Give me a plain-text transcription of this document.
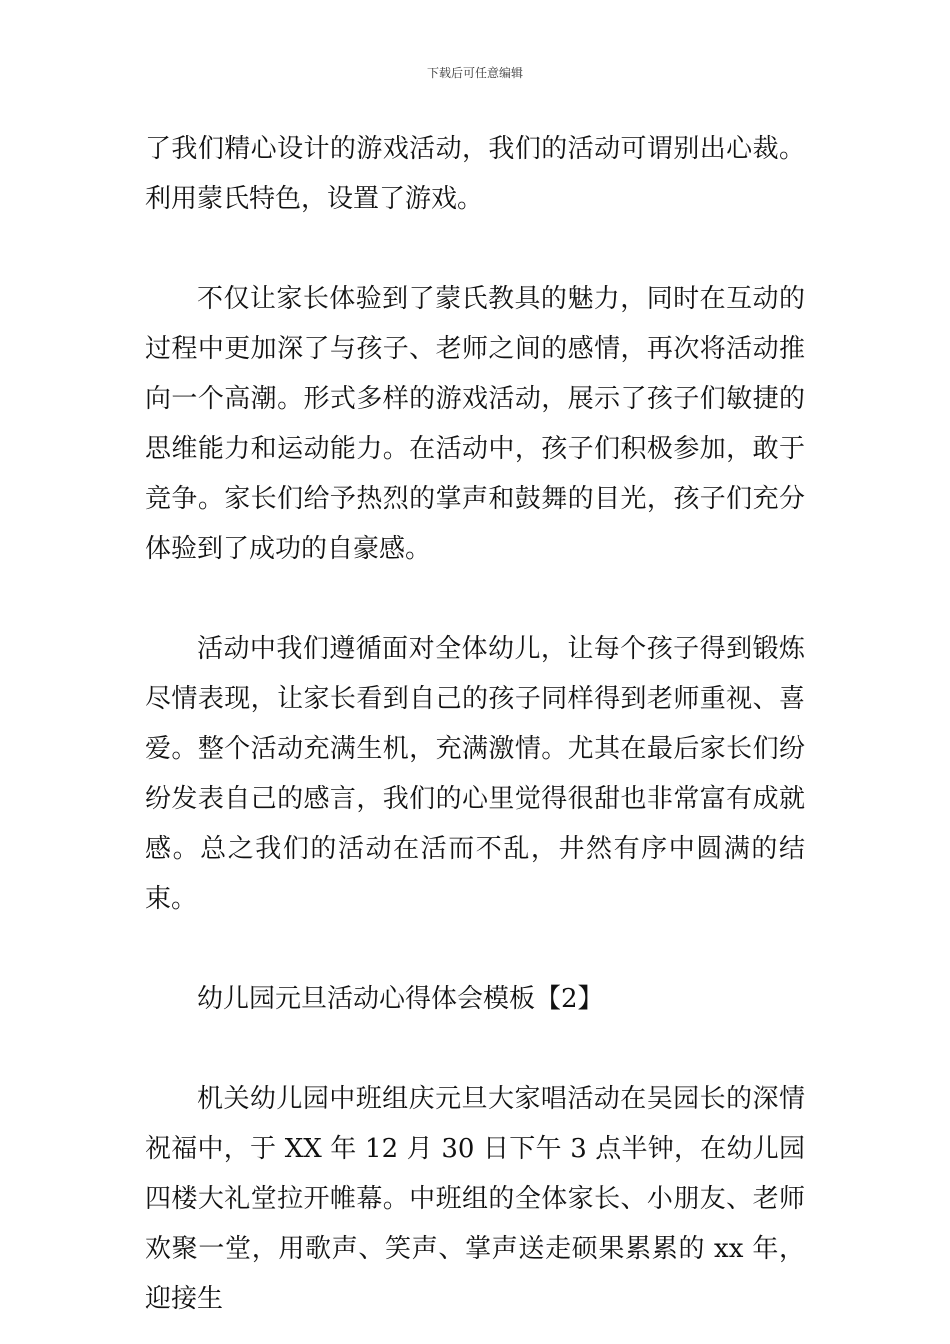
下载后可任意编辑

了我们精心设计的游戏活动，我们的活动可谓别出心裁。利用蒙氏特色，设置了游戏。

不仅让家长体验到了蒙氏教具的魅力，同时在互动的过程中更加深了与孩子、老师之间的感情，再次将活动推向一个高潮。形式多样的游戏活动，展示了孩子们敏捷的思维能力和运动能力。在活动中，孩子们积极参加，敢于竞争。家长们给予热烈的掌声和鼓舞的目光，孩子们充分体验到了成功的自豪感。

活动中我们遵循面对全体幼儿，让每个孩子得到锻炼尽情表现，让家长看到自己的孩子同样得到老师重视、喜爱。整个活动充满生机，充满激情。尤其在最后家长们纷纷发表自己的感言，我们的心里觉得很甜也非常富有成就感。总之我们的活动在活而不乱，井然有序中圆满的结束。

幼儿园元旦活动心得体会模板【2】

机关幼儿园中班组庆元旦大家唱活动在吴园长的深情祝福中，于 XX 年 12 月 30 日下午 3 点半钟，在幼儿园四楼大礼堂拉开帷幕。中班组的全体家长、小朋友、老师欢聚一堂，用歌声、笑声、掌声送走硕果累累的 xx 年，迎接生
